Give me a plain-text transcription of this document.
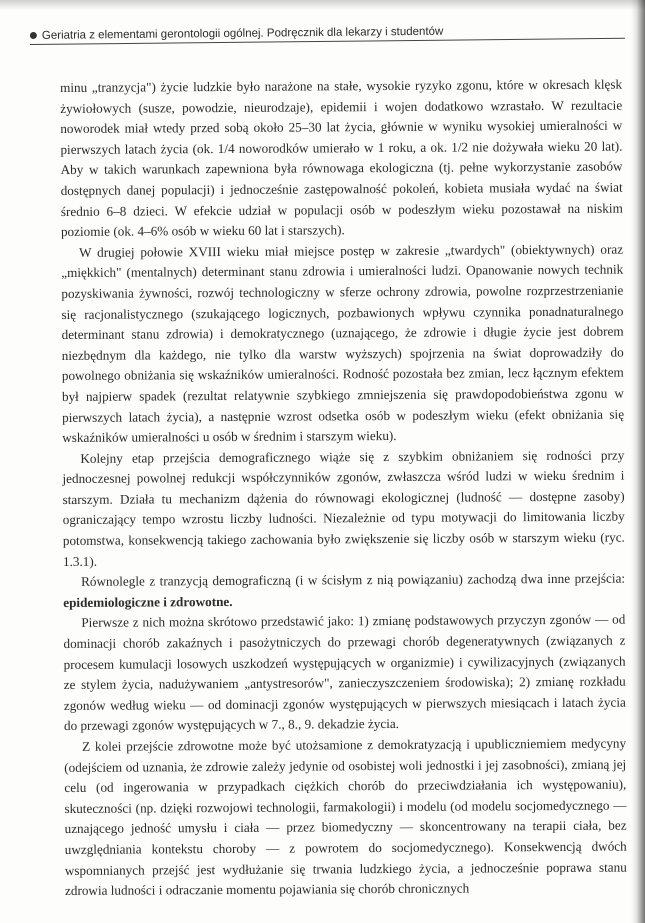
Geriatria z elementami gerontologii ogólnej. Podręcznik dla lekarzy i studentów

minu „tranzycja") życie ludzkie było narażone na stałe, wysokie ryzyko zgonu, które w okresach klęsk żywiołowych (susze, powodzie, nieurodzaje), epidemii i wojen dodatkowo wzrastało. W rezultacie noworodek miał wtedy przed sobą około 25–30 lat życia, głównie w wyniku wysokiej umieralności w pierwszych latach życia (ok. 1/4 noworodków umierało w 1 roku, a ok. 1/2 nie dożywała wieku 20 lat). Aby w takich warunkach zapewniona była równowaga ekologiczna (tj. pełne wykorzystanie zasobów dostępnych danej populacji) i jednocześnie zastępowalność pokoleń, kobieta musiała wydać na świat średnio 6–8 dzieci. W efekcie udział w populacji osób w podeszłym wieku pozostawał na niskim poziomie (ok. 4–6% osób w wieku 60 lat i starszych).

W drugiej połowie XVIII wieku miał miejsce postęp w zakresie „twardych" (obiektywnych) oraz „miękkich" (mentalnych) determinant stanu zdrowia i umieralności ludzi. Opanowanie nowych technik pozyskiwania żywności, rozwój technologiczny w sferze ochrony zdrowia, powolne rozprzestrzenianie się racjonalistycznego (szukającego logicznych, pozbawionych wpływu czynnika ponadnaturalnego determinant stanu zdrowia) i demokratycznego (uznającego, że zdrowie i długie życie jest dobrem niezbędnym dla każdego, nie tylko dla warstw wyższych) spojrzenia na świat doprowadziły do powolnego obniżania się wskaźników umieralności. Rodność pozostała bez zmian, lecz łącznym efektem był najpierw spadek (rezultat relatywnie szybkiego zmniejszenia się prawdopodobieństwa zgonu w pierwszych latach życia), a następnie wzrost odsetka osób w podeszłym wieku (efekt obniżania się wskaźników umieralności u osób w średnim i starszym wieku).

Kolejny etap przejścia demograficznego wiąże się z szybkim obniżaniem się rodności przy jednoczesnej powolnej redukcji współczynników zgonów, zwłaszcza wśród ludzi w wieku średnim i starszym. Działa tu mechanizm dążenia do równowagi ekologicznej (ludność — dostępne zasoby) ograniczający tempo wzrostu liczby ludności. Niezależnie od typu motywacji do limitowania liczby potomstwa, konsekwencją takiego zachowania było zwiększenie się liczby osób w starszym wieku (ryc. 1.3.1).

Równolegle z tranzycją demograficzną (i w ścisłym z nią powiązaniu) zachodzą dwa inne przejścia: epidemiologiczne i zdrowotne.

Pierwsze z nich można skrótowo przedstawić jako: 1) zmianę podstawowych przyczyn zgonów — od dominacji chorób zakaźnych i pasożytniczych do przewagi chorób degeneratywnych (związanych z procesem kumulacji losowych uszkodzeń występujących w organizmie) i cywilizacyjnych (związanych ze stylem życia, nadużywaniem „antystresorów", zanieczyszczeniem środowiska); 2) zmianę rozkładu zgonów według wieku — od dominacji zgonów występujących w pierwszych miesiącach i latach życia do przewagi zgonów występujących w 7., 8., 9. dekadzie życia.

Z kolei przejście zdrowotne może być utożsamione z demokratyzacją i upubliczniemiem medycyny (odejściem od uznania, że zdrowie zależy jedynie od osobistej woli jednostki i jej zasobności), zmianą jej celu (od ingerowania w przypadkach ciężkich chorób do przeciwdziałania ich występowaniu), skuteczności (np. dzięki rozwojowi technologii, farmakologii) i modelu (od modelu socjomedycznego — uznającego jedność umysłu i ciała — przez biomedyczny — skoncentrowany na terapii ciała, bez uwzględniania kontekstu choroby — z powrotem do socjomedycznego). Konsekwencją dwóch wspomnianych przejść jest wydłużanie się trwania ludzkiego życia, a jednocześnie poprawa stanu zdrowia ludności i odraczanie momentu pojawiania się chorób chronicznych
